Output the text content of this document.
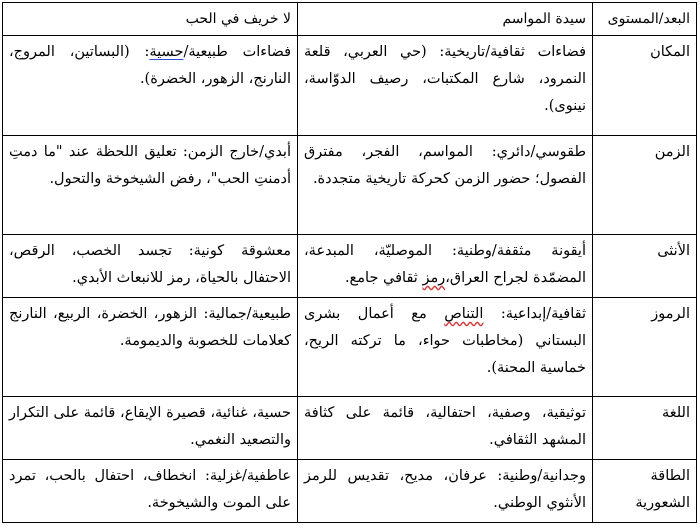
البعد/المستوى	سيدة المواسم	لا خريف في الحب
المكان	فضاءات ثقافية/تاريخية: (حي العربي، قلعة النمرود، شارع المكتبات، رصيف الدوّاسة، نينوى).	فضاءات طبيعية/حسية: (البساتين، المروج، النارنج، الزهور، الخضرة).

الزمن	طقوسي/دائري: المواسم، الفجر، مفترق الفصول؛ حضور الزمن كحركة تاريخية متجددة.	أبدي/خارج الزمن: تعليق اللحظة عند "ما دمتِ أدمنتِ الحب"، رفض الشيخوخة والتحول.

الأنثى	أيقونة مثقفة/وطنية: الموصليّة، المبدعة، المضمّدة لجراح العراق،رمز ثقافي جامع.	معشوقة كونية: تجسد الخصب، الرقص، الاحتفال بالحياة، رمز للانبعاث الأبدي.

الرموز	ثقافية/إبداعية: التناص مع أعمال بشرى البستاني (مخاطبات حواء، ما تركته الريح، خماسية المحنة).	طبيعية/جمالية: الزهور، الخضرة، الربيع، النارنج كعلامات للخصوبة والديمومة.

اللغة	توثيقية، وصفية، احتفالية، قائمة على كثافة المشهد الثقافي.	حسية، غنائية، قصيرة الإيقاع، قائمة على التكرار والتصعيد النغمي.

الطاقة الشعورية	وجدانية/وطنية: عرفان، مديح، تقديس للرمز الأنثوي الوطني.	عاطفية/غزلية: انخطاف، احتفال بالحب، تمرد على الموت والشيخوخة.
